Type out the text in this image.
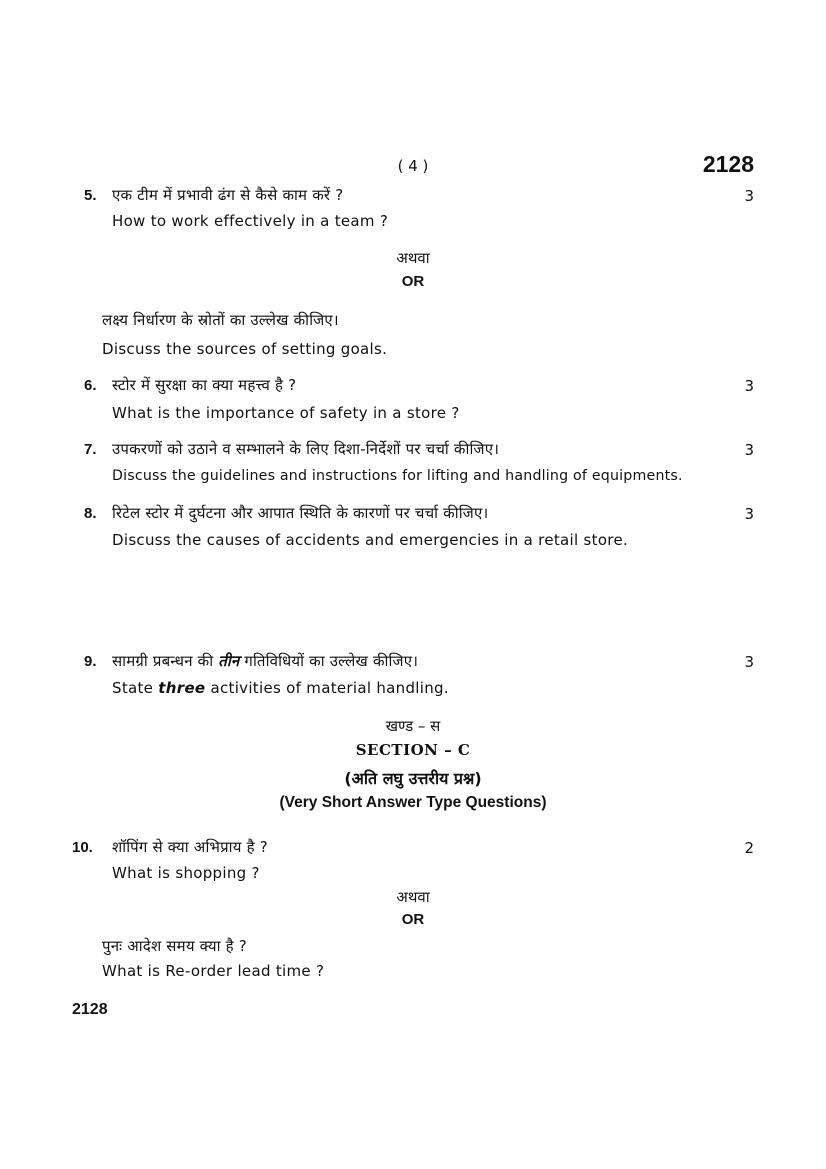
( 4 )	2128
5. एक टीम में प्रभावी ढंग से कैसे काम करें ?	3
How to work effectively in a team ?
अथवा
OR
लक्ष्य निर्धारण के स्रोतों का उल्लेख कीजिए।
Discuss the sources of setting goals.
6. स्टोर में सुरक्षा का क्या महत्त्व है ?	3
What is the importance of safety in a store ?
7. उपकरणों को उठाने व सम्भालने के लिए दिशा-निर्देशों पर चर्चा कीजिए।	3
Discuss the guidelines and instructions for lifting and handling of equipments.
8. रिटेल स्टोर में दुर्घटना और आपात स्थिति के कारणों पर चर्चा कीजिए।	3
Discuss the causes of accidents and emergencies in a retail store.
9. सामग्री प्रबन्धन की तीन गतिविधियों का उल्लेख कीजिए।	3
State three activities of material handling.
खण्ड – स
SECTION – C
(अति लघु उत्तरीय प्रश्न)
(Very Short Answer Type Questions)
10. शॉपिंग से क्या अभिप्राय है ?	2
What is shopping ?
अथवा
OR
पुनः आदेश समय क्या है ?
What is Re-order lead time ?
2128
